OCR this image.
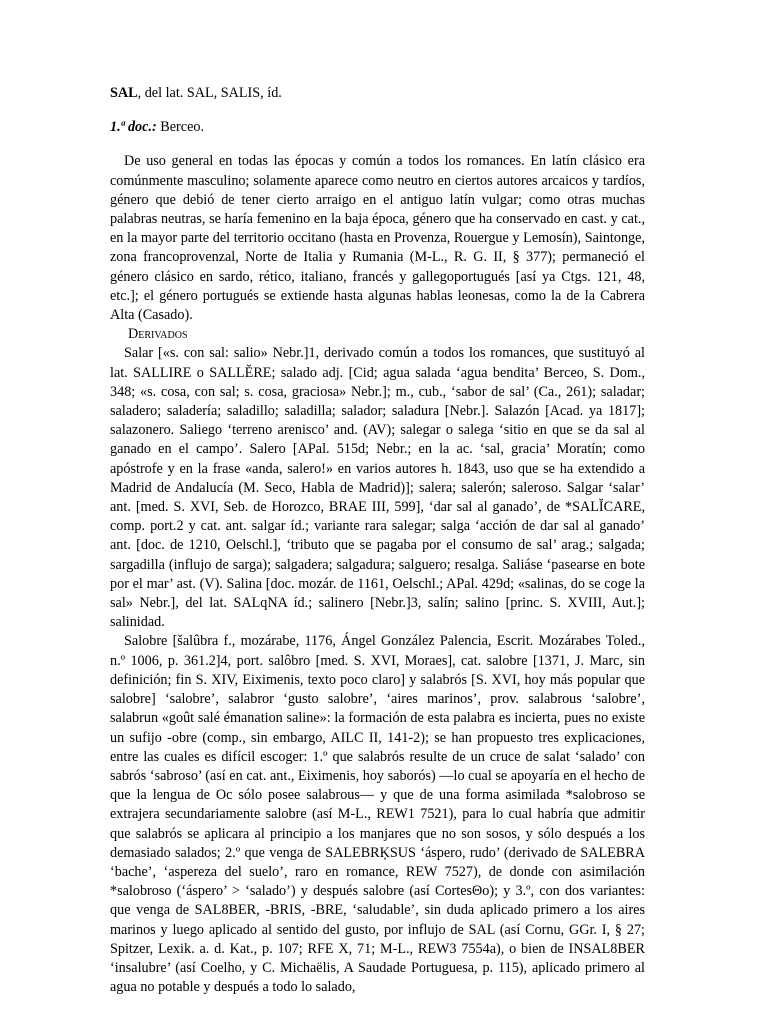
SAL, del lat. SAL, SALIS, íd.

1.ª doc.: Berceo.

De uso general en todas las épocas y común a todos los romances. En latín clásico era comúnmente masculino; solamente aparece como neutro en ciertos autores arcaicos y tardíos, género que debió de tener cierto arraigo en el antiguo latín vulgar; como otras muchas palabras neutras, se haría femenino en la baja época, género que ha conservado en cast. y cat., en la mayor parte del territorio occitano (hasta en Provenza, Rouergue y Lemosín), Saintonge, zona francoprovenzal, Norte de Italia y Rumania (M-L., R. G. II, § 377); permaneció el género clásico en sardo, rético, italiano, francés y gallegoportugués [así ya Ctgs. 121, 48, etc.]; el género portugués se extiende hasta algunas hablas leonesas, como la de la Cabrera Alta (Casado).

Derivados

Salar [«s. con sal: salio» Nebr.]1, derivado común a todos los romances, que sustituyó al lat. SALLIRE o SALLĔRE; salado adj. [Cid; agua salada ‘agua bendita’ Berceo, S. Dom., 348; «s. cosa, con sal; s. cosa, graciosa» Nebr.]; m., cub., ‘sabor de sal’ (Ca., 261); saladar; saladero; saladería; saladillo; saladilla; salador; saladura [Nebr.]. Salazón [Acad. ya 1817]; salazonero. Saliego ‘terreno arenisco’ and. (AV); salegar o salega ‘sitio en que se da sal al ganado en el campo’. Salero [APal. 515d; Nebr.; en la ac. ‘sal, gracia’ Moratín; como apóstrofe y en la frase «anda, salero!» en varios autores h. 1843, uso que se ha extendido a Madrid de Andalucía (M. Seco, Habla de Madrid)]; salera; salerón; saleroso. Salgar ‘salar’ ant. [med. S. XVI, Seb. de Horozco, BRAE III, 599], ‘dar sal al ganado’, de *SALĬCARE, comp. port.2 y cat. ant. salgar íd.; variante rara salegar; salga ‘acción de dar sal al ganado’ ant. [doc. de 1210, Oelschl.], ‘tributo que se pagaba por el consumo de sal’ arag.; salgada; sargadilla (influjo de sarga); salgadera; salgadura; salguero; resalga. Saliáse ‘pasearse en bote por el mar’ ast. (V). Salina [doc. mozár. de 1161, Oelschl.; APal. 429d; «salinas, do se coge la sal» Nebr.], del lat. SALqNA íd.; salinero [Nebr.]3, salín; salino [princ. S. XVIII, Aut.]; salinidad.

Salobre [šalûbra f., mozárabe, 1176, Ángel González Palencia, Escrit. Mozárabes Toled., n.º 1006, p. 361.2]4, port. salôbro [med. S. XVI, Moraes], cat. salobre [1371, J. Marc, sin definición; fin S. XIV, Eiximenis, texto poco claro] y salabrós [S. XVI, hoy más popular que salobre] ‘salobre’, salabror ‘gusto salobre’, ‘aires marinos’, prov. salabrous ‘salobre’, salabrun «goût salé émanation saline»: la formación de esta palabra es incierta, pues no existe un sufijo -obre (comp., sin embargo, AILC II, 141-2); se han propuesto tres explicaciones, entre las cuales es difícil escoger: 1.º que salabrós resulte de un cruce de salat ‘salado’ con sabrós ‘sabroso’ (así en cat. ant., Eiximenis, hoy saborós) —lo cual se apoyaría en el hecho de que la lengua de Oc sólo posee salabrous— y que de una forma asimilada *salobroso se extrajera secundariamente salobre (así M-L., REW1 7521), para lo cual habría que admitir que salabrós se aplicara al principio a los manjares que no son sosos, y sólo después a los demasiado salados; 2.º que venga de SALEBRĶSUS ‘áspero, rudo’ (derivado de SALEBRA ‘bache’, ‘aspereza del suelo’, raro en romance, REW 7527), de donde con asimilación *salobroso (‘áspero’ > ‘salado’) y después salobre (así CortesΘo); y 3.º, con dos variantes: que venga de SAL8BER, -BRIS, -BRE, ‘saludable’, sin duda aplicado primero a los aires marinos y luego aplicado al sentido del gusto, por influjo de SAL (así Cornu, GGr. I, § 27; Spitzer, Lexik. a. d. Kat., p. 107; RFE X, 71; M-L., REW3 7554a), o bien de INSAL8BER ‘insalubre’ (así Coelho, y C. Michaëlis, A Saudade Portuguesa, p. 115), aplicado primero al agua no potable y después a todo lo salado,
